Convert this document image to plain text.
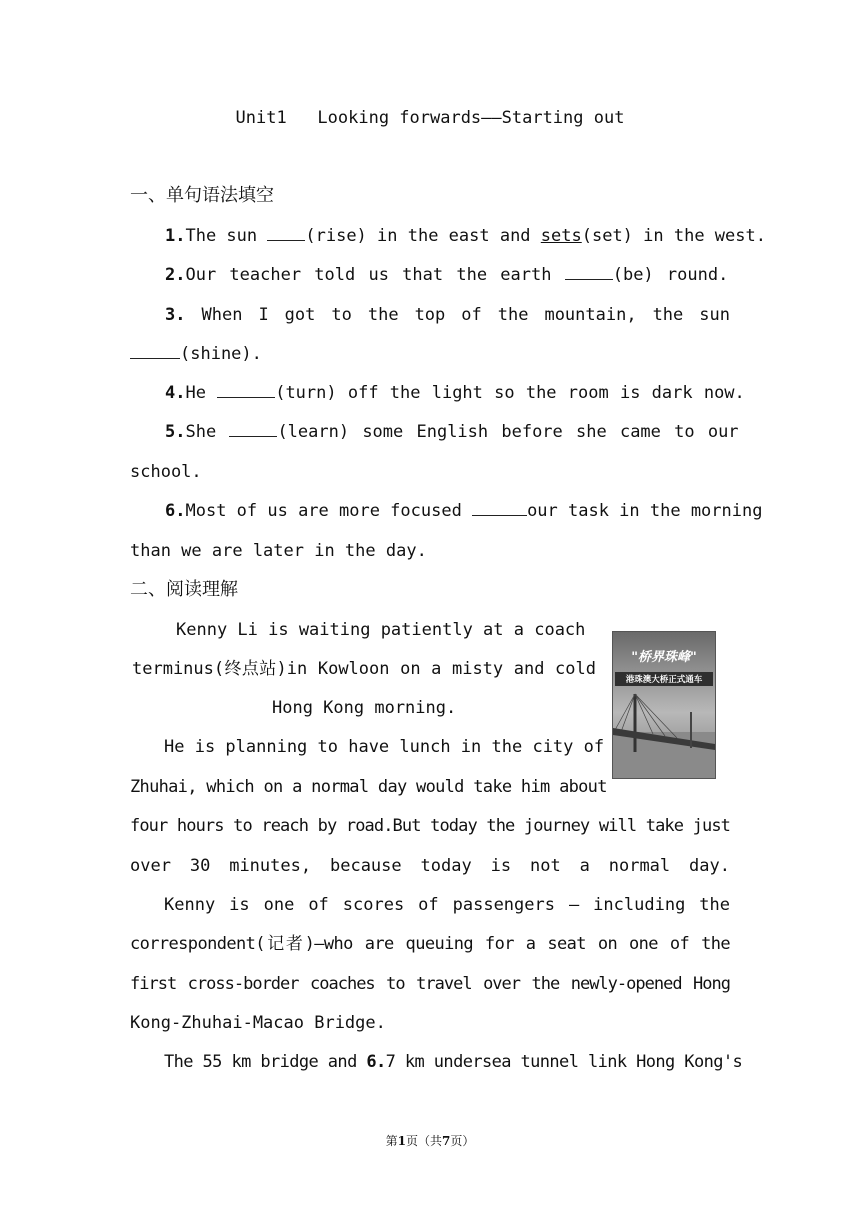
Unit1   Looking forwards——Starting out
一、单句语法填空
1.The sun (rise) in the east and sets(set) in the west.
2.Our teacher told us that the earth	(be) round.
3. When I got to the top of the mountain, the sun
(shine).
4.He	(turn) off the light so the room is dark now.
5.She	(learn) some English before she came to our
school.
6.Most of us are more focused	our task in the morning
than we are later in the day.
二、阅读理解
Kenny Li is waiting patiently at a coach
terminus(终点站)in Kowloon on a misty and cold
Hong Kong morning.
He is planning to have lunch in the city of
Zhuhai, which on a normal day would take him about
four hours to reach by road.But today the journey will take just
over 30 minutes, because today is not a normal day.
Kenny is one of scores of passengers — including the
correspondent(记者)—who are queuing for a seat on one of the
first cross-border coaches to travel over the newly-opened Hong
Kong-Zhuhai-Macao Bridge.
The 55 km bridge and 6.7 km undersea tunnel link Hong Kong's
"桥界珠峰"
港珠澳大桥正式通车
第1页（共7页）
